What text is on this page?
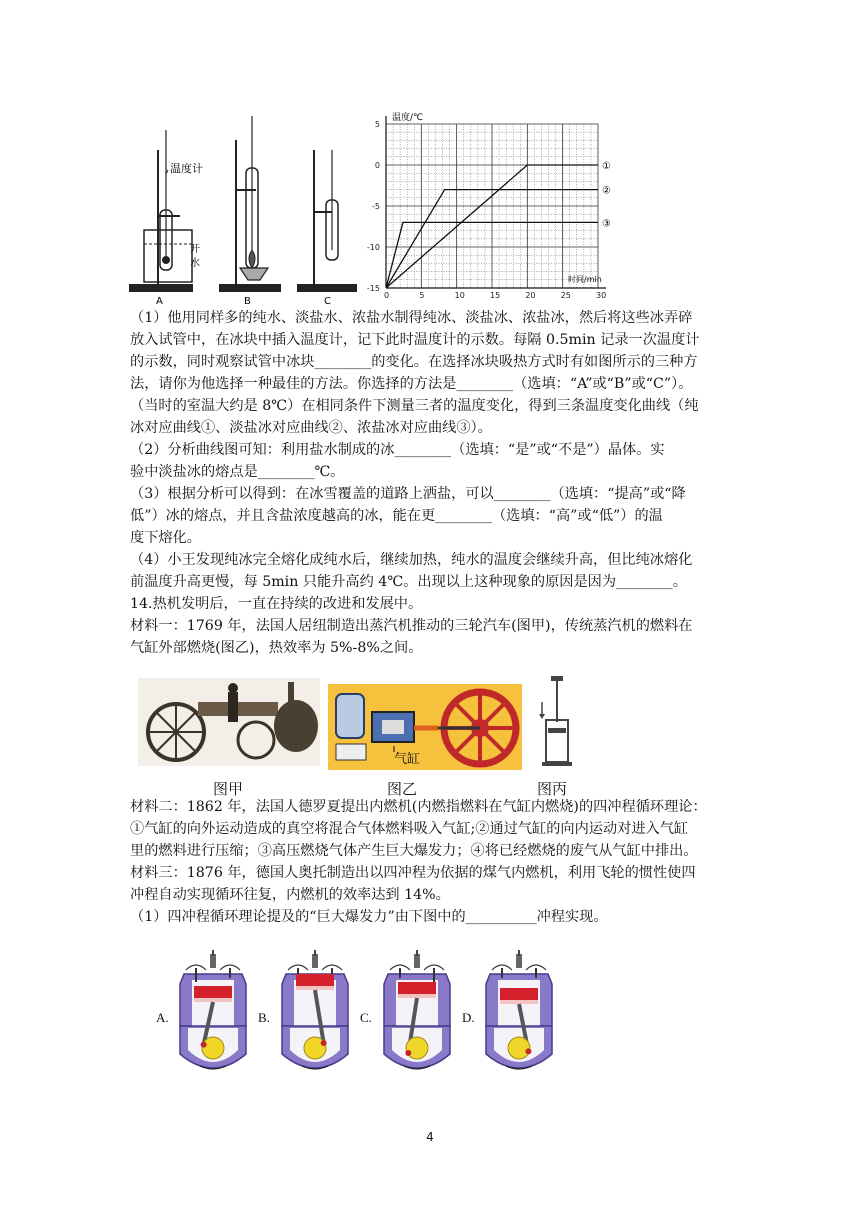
温度计
开
水
A	B	C
0	5	10	15	20	25	30
5
0
-5
-10
-15
①
②
③
温度/℃
时间/min
（1）他用同样多的纯水、淡盐水、浓盐水制得纯冰、淡盐冰、浓盐冰，然后将这些冰弄碎
放入试管中，在冰块中插入温度计，记下此时温度计的示数。每隔 0.5min 记录一次温度计
的示数，同时观察试管中冰块________的变化。在选择冰块吸热方式时有如图所示的三种方
法，请你为他选择一种最佳的方法。你选择的方法是________（选填：“A”或“B”或“C”）。
（当时的室温大约是 8℃）在相同条件下测量三者的温度变化，得到三条温度变化曲线（纯
冰对应曲线①、淡盐冰对应曲线②、浓盐冰对应曲线③）。
（2）分析曲线图可知：利用盐水制成的冰________（选填：“是”或“不是”）晶体。实
验中淡盐冰的熔点是________℃。
（3）根据分析可以得到：在冰雪覆盖的道路上洒盐，可以________（选填：“提高”或“降
低”）冰的熔点，并且含盐浓度越高的冰，能在更________（选填：“高”或“低”）的温
度下熔化。
（4）小王发现纯冰完全熔化成纯水后，继续加热，纯水的温度会继续升高，但比纯冰熔化
前温度升高更慢，每 5min 只能升高约 4℃。出现以上这种现象的原因是因为________。
14.热机发明后，一直在持续的改进和发展中。
材料一：1769 年，法国人居纽制造出蒸汽机推动的三轮汽车(图甲)，传统蒸汽机的燃料在
气缸外部燃烧(图乙)，热效率为 5%-8%之间。
气缸
图甲	图乙	图丙
材料二：1862 年，法国人德罗夏提出内燃机(内燃指燃料在气缸内燃烧)的四冲程循环理论：
①气缸的向外运动造成的真空将混合气体燃料吸入气缸;②通过气缸的向内运动对进入气缸
里的燃料进行压缩；③高压燃烧气体产生巨大爆发力；④将已经燃烧的废气从气缸中排出。
材料三：1876 年，德国人奥托制造出以四冲程为依据的煤气内燃机，利用飞轮的惯性使四
冲程自动实现循环往复，内燃机的效率达到 14%。
（1）四冲程循环理论提及的“巨大爆发力”由下图中的__________冲程实现。
A.	B.	C.	D.
4
